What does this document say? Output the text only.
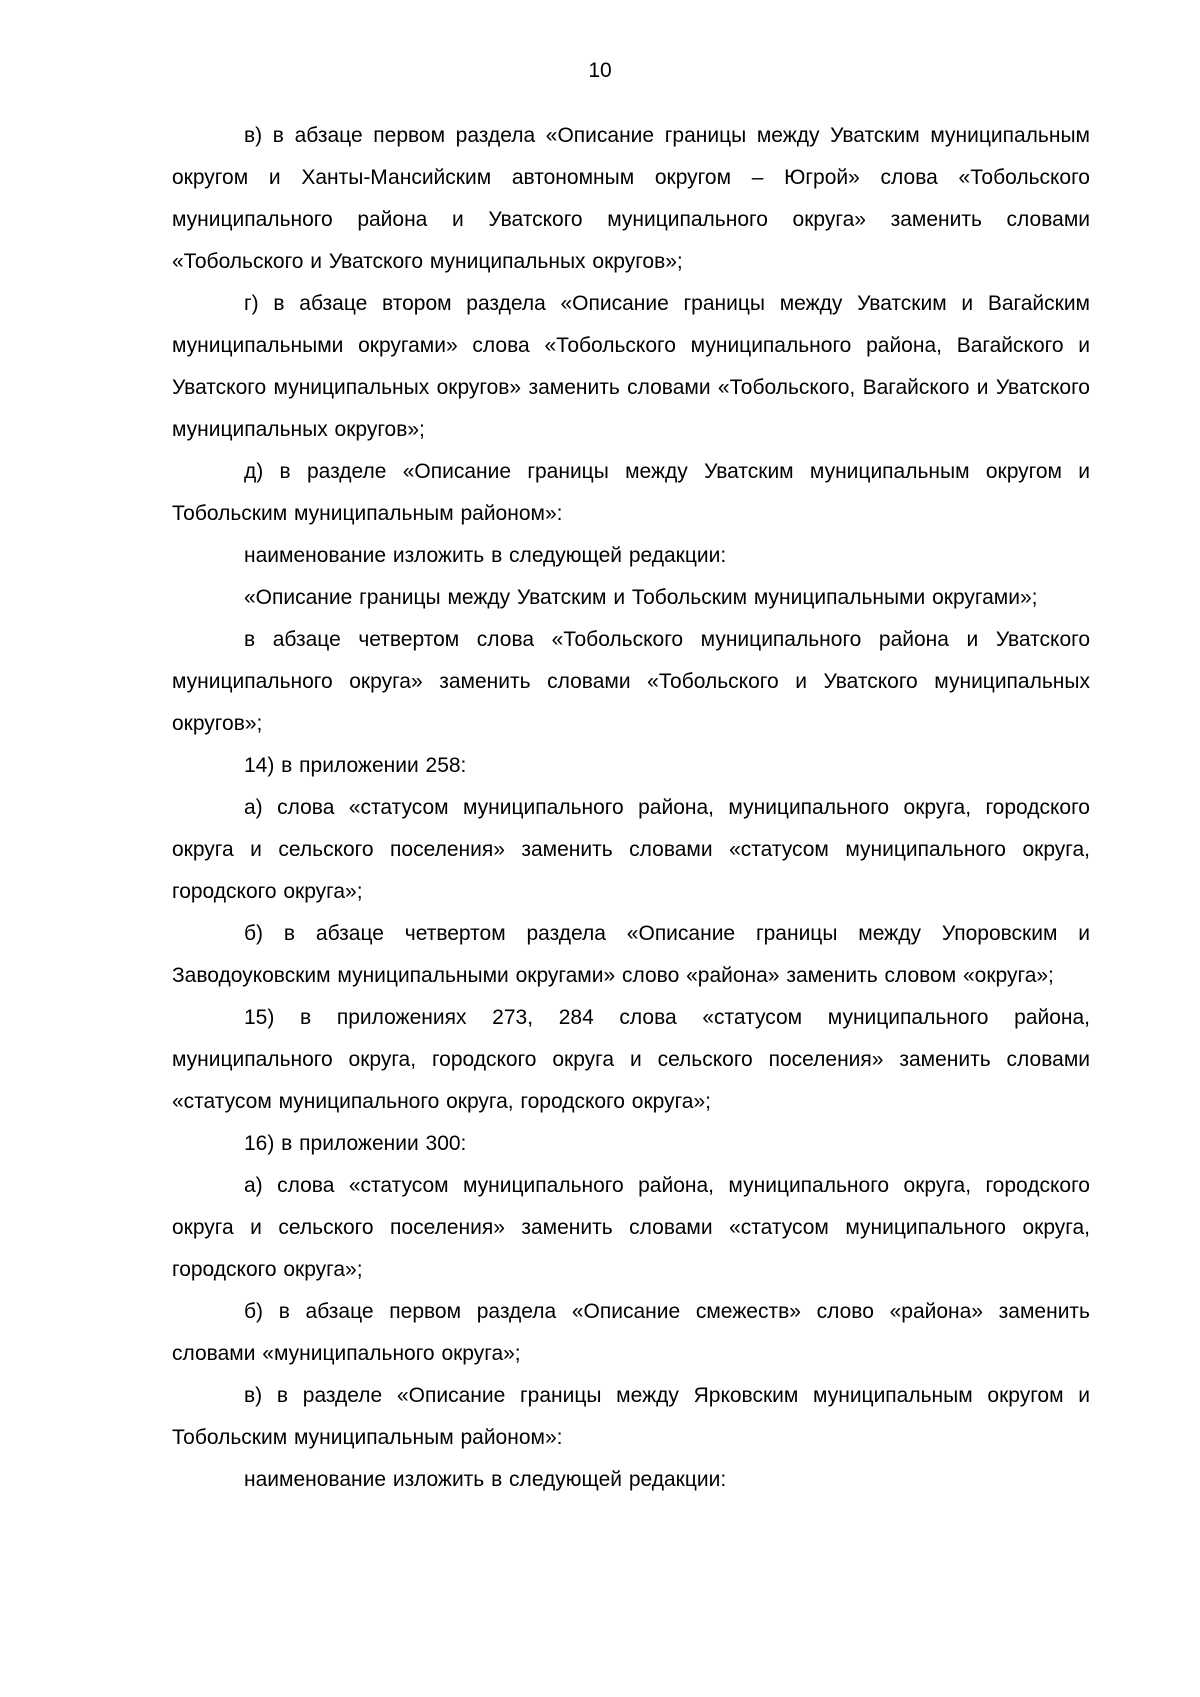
10

в) в абзаце первом раздела «Описание границы между Уватским муниципальным округом и Ханты-Мансийским автономным округом – Югрой» слова «Тобольского муниципального района и Уватского муниципального округа» заменить словами «Тобольского и Уватского муниципальных округов»;

г) в абзаце втором раздела «Описание границы между Уватским и Вагайским муниципальными округами» слова «Тобольского муниципального района, Вагайского и Уватского муниципальных округов» заменить словами «Тобольского, Вагайского и Уватского муниципальных округов»;

д) в разделе «Описание границы между Уватским муниципальным округом и Тобольским муниципальным районом»:

наименование изложить в следующей редакции:

«Описание границы между Уватским и Тобольским муниципальными округами»;

в абзаце четвертом слова «Тобольского муниципального района и Уватского муниципального округа» заменить словами «Тобольского и Уватского муниципальных округов»;

14) в приложении 258:

а) слова «статусом муниципального района, муниципального округа, городского округа и сельского поселения» заменить словами «статусом муниципального округа, городского округа»;

б) в абзаце четвертом раздела «Описание границы между Упоровским и Заводоуковским муниципальными округами» слово «района» заменить словом «округа»;

15) в приложениях 273, 284 слова «статусом муниципального района, муниципального округа, городского округа и сельского поселения» заменить словами «статусом муниципального округа, городского округа»;

16) в приложении 300:

а) слова «статусом муниципального района, муниципального округа, городского округа и сельского поселения» заменить словами «статусом муниципального округа, городского округа»;

б) в абзаце первом раздела «Описание смежеств» слово «района» заменить словами «муниципального округа»;

в) в разделе «Описание границы между Ярковским муниципальным округом и Тобольским муниципальным районом»:

наименование изложить в следующей редакции:
